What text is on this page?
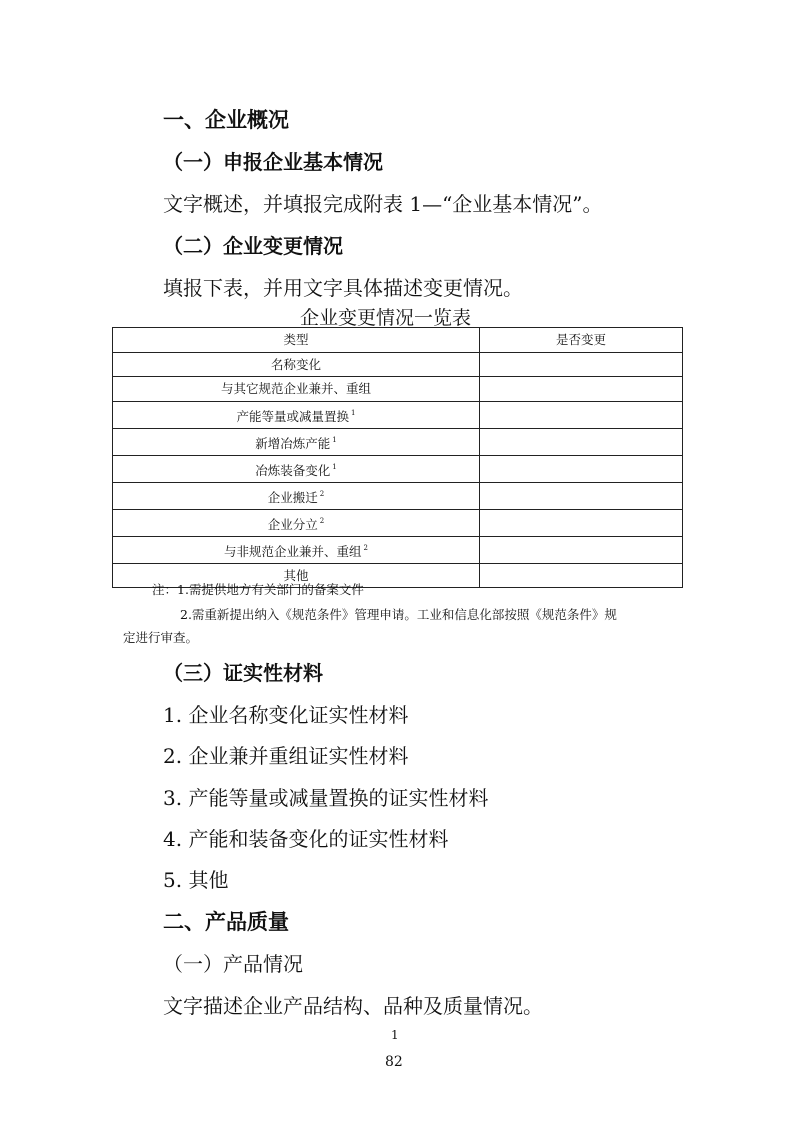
一、企业概况
（一）申报企业基本情况
文字概述，并填报完成附表 1—“企业基本情况”。
（二）企业变更情况
填报下表，并用文字具体描述变更情况。
企业变更情况一览表
类型	是否变更
名称变化	
与其它规范企业兼并、重组	
产能等量或减量置换 $^1$	
新增冶炼产能 $^1$	
冶炼装备变化 $^1$	
企业搬迁 $^2$	
企业分立 $^2$	
与非规范企业兼并、重组 $^2$	
其他	
注：1.需提供地方有关部门的备案文件
2.需重新提出纳入《规范条件》管理申请。工业和信息化部按照《规范条件》规
定进行审查。
（三）证实性材料
1. 企业名称变化证实性材料
2. 企业兼并重组证实性材料
3. 产能等量或减量置换的证实性材料
4. 产能和装备变化的证实性材料
5. 其他
二、产品质量
（一）产品情况
文字描述企业产品结构、品种及质量情况。
1
82
